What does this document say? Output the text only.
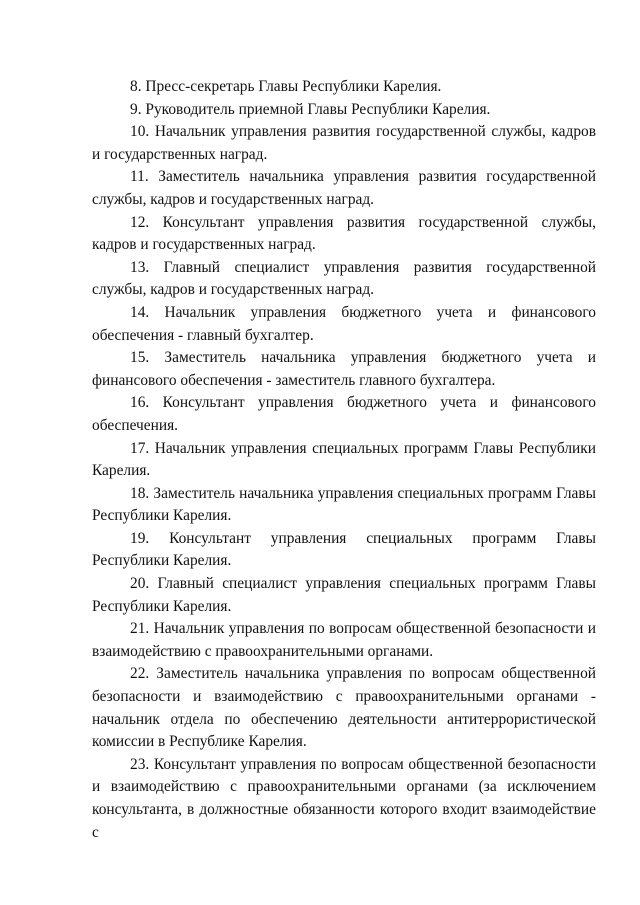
8. Пресс-секретарь Главы Республики Карелия.

9. Руководитель приемной Главы Республики Карелия.

10. Начальник управления развития государственной службы, кадров и государственных наград.

11. Заместитель начальника управления развития государственной службы, кадров и государственных наград.

12. Консультант управления развития государственной службы, кадров и государственных наград.

13. Главный специалист управления развития государственной службы, кадров и государственных наград.

14. Начальник управления бюджетного учета и финансового обеспечения - главный бухгалтер.

15. Заместитель начальника управления бюджетного учета и финансового обеспечения - заместитель главного бухгалтера.

16. Консультант управления бюджетного учета и финансового обеспечения.

17. Начальник управления специальных программ Главы Республики Карелия.

18. Заместитель начальника управления специальных программ Главы Республики Карелия.

19. Консультант управления специальных программ Главы Республики Карелия.

20. Главный специалист управления специальных программ Главы Республики Карелия.

21. Начальник управления по вопросам общественной безопасности и взаимодействию с правоохранительными органами.

22. Заместитель начальника управления по вопросам общественной безопасности и взаимодействию с правоохранительными органами - начальник отдела по обеспечению деятельности антитеррористической комиссии в Республике Карелия.

23. Консультант управления по вопросам общественной безопасности и взаимодействию с правоохранительными органами (за исключением консультанта, в должностные обязанности которого входит взаимодействие с
